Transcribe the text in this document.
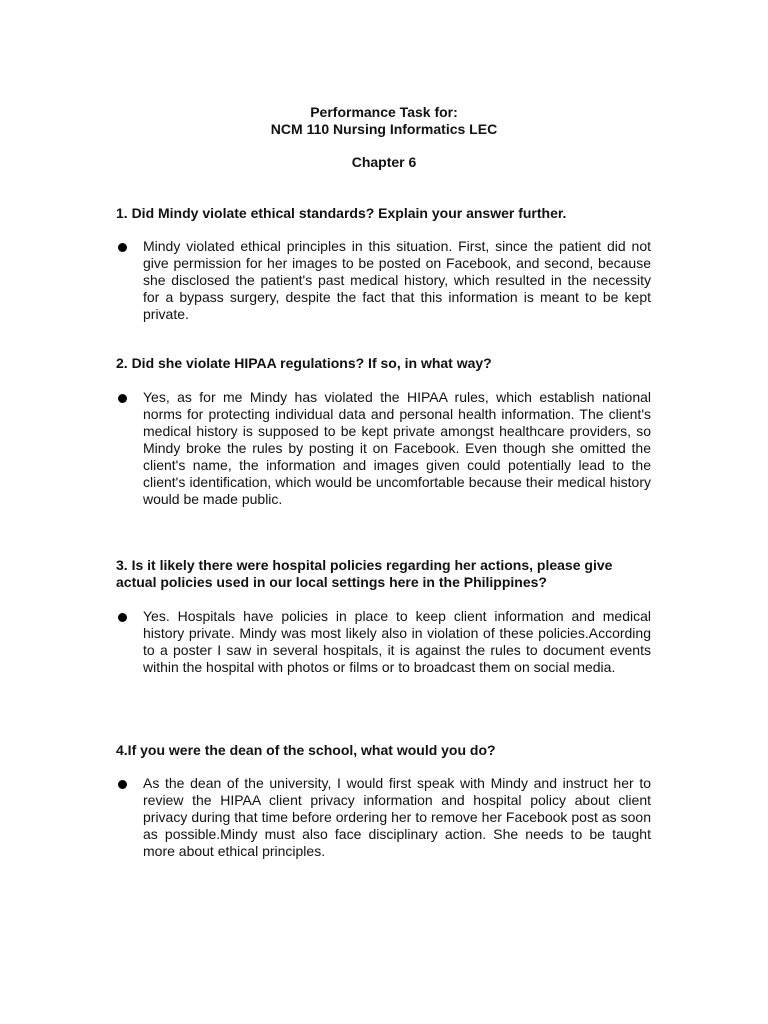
Performance Task for:
NCM 110 Nursing Informatics LEC
Chapter 6

1. Did Mindy violate ethical standards? Explain your answer further.

Mindy violated ethical principles in this situation. First, since the patient did not give permission for her images to be posted on Facebook, and second, because she disclosed the patient's past medical history, which resulted in the necessity for a bypass surgery, despite the fact that this information is meant to be kept private.

2. Did she violate HIPAA regulations? If so, in what way?

Yes, as for me Mindy has violated the HIPAA rules, which establish national norms for protecting individual data and personal health information. The client's medical history is supposed to be kept private amongst healthcare providers, so Mindy broke the rules by posting it on Facebook. Even though she omitted the client's name, the information and images given could potentially lead to the client's identification, which would be uncomfortable because their medical history would be made public.

3. Is it likely there were hospital policies regarding her actions, please give actual policies used in our local settings here in the Philippines?

Yes. Hospitals have policies in place to keep client information and medical history private. Mindy was most likely also in violation of these policies.According to a poster I saw in several hospitals, it is against the rules to document events within the hospital with photos or films or to broadcast them on social media.

4.If you were the dean of the school, what would you do?

As the dean of the university, I would first speak with Mindy and instruct her to review the HIPAA client privacy information and hospital policy about client privacy during that time before ordering her to remove her Facebook post as soon as possible.Mindy must also face disciplinary action. She needs to be taught more about ethical principles.
